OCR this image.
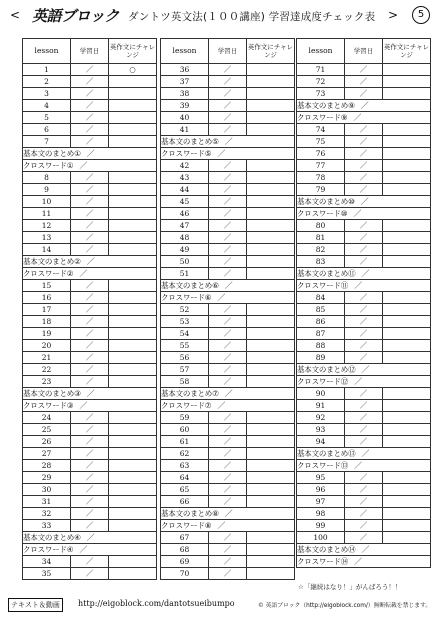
< 英語ブロック ダントツ英文法(１００講座) 学習達成度チェック表 >	5
lesson	学習日	英作文にチャレンジ
1	／	○
2	／	
3	／	
4	／	
5	／	
6	／	
7	／	
基本文のまとめ① ／		
クロスワード① ／		
8	／	
9	／	
10	／	
11	／	
12	／	
13	／	
14	／	
基本文のまとめ② ／		
クロスワード② ／		
15	／	
16	／	
17	／	
18	／	
19	／	
20	／	
21	／	
22	／	
23	／	
基本文のまとめ③ ／		
クロスワード③ ／		
24	／	
25	／	
26	／	
27	／	
28	／	
29	／	
30	／	
31	／	
32	／	
33	／	
基本文のまとめ④ ／		
クロスワード④ ／		
34	／	
35	／	
lesson	学習日	英作文にチャレンジ
36	／	
37	／	
38	／	
39	／	
40	／	
41	／	
基本文のまとめ⑤ ／		
クロスワード⑤ ／		
42	／	
43	／	
44	／	
45	／	
46	／	
47	／	
48	／	
49	／	
50	／	
51	／	
基本文のまとめ⑥ ／		
クロスワード⑥ ／		
52	／	
53	／	
54	／	
55	／	
56	／	
57	／	
58	／	
基本文のまとめ⑦ ／		
クロスワード⑦ ／		
59	／	
60	／	
61	／	
62	／	
63	／	
64	／	
65	／	
66	／	
基本文のまとめ⑧ ／		
クロスワード⑧ ／		
67	／	
68	／	
69	／	
70	／	
lesson	学習日	英作文にチャレンジ
71	／	
72	／	
73	／	
基本文のまとめ⑨ ／		
クロスワード⑨ ／		
74	／	
75	／	
76	／	
77	／	
78	／	
79	／	
基本文のまとめ⑩ ／		
クロスワード⑩ ／		
80	／	
81	／	
82	／	
83	／	
基本文のまとめ⑪ ／		
クロスワード⑪ ／		
84	／	
85	／	
86	／	
87	／	
88	／	
89	／	
基本文のまとめ⑫ ／		
クロスワード⑫ ／		
90	／	
91	／	
92	／	
93	／	
94	／	
基本文のまとめ⑬ ／		
クロスワード⑬ ／		
95	／	
96	／	
97	／	
98	／	
99	／	
100	／	
基本文のまとめ⑭ ／		
クロスワード⑭ ／		
☆「継続はなり！」がんばろう！！
テキスト＆動画	http://eigoblock.com/dantotsueibumpo	© 英語ブロック（http://eigoblock.com/）無断転載を禁じます。
